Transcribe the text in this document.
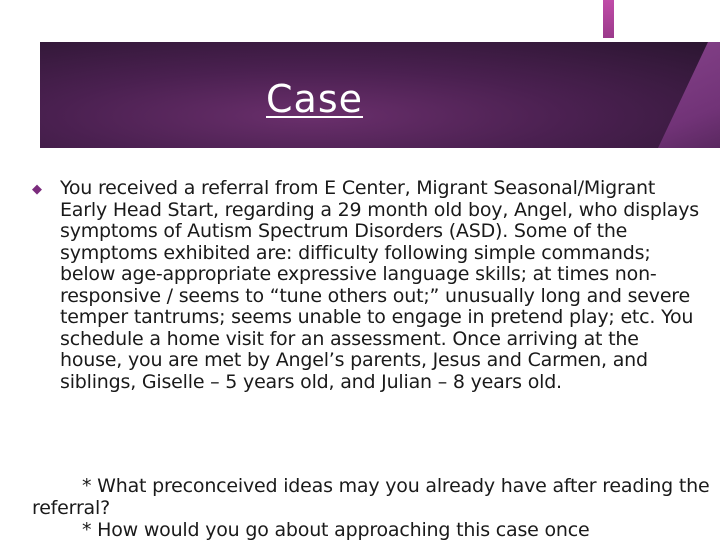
Case
◆ You received a referral from E Center, Migrant Seasonal/Migrant Early Head Start, regarding a 29 month old boy, Angel, who displays symptoms of Autism Spectrum Disorders (ASD). Some of the symptoms exhibited are: difficulty following simple commands; below age-appropriate expressive language skills; at times non-responsive / seems to “tune others out;” unusually long and severe temper tantrums; seems unable to engage in pretend play; etc. You schedule a home visit for an assessment. Once arriving at the house, you are met by Angel’s parents, Jesus and Carmen, and siblings, Giselle – 5 years old, and Julian – 8 years old.

* What preconceived ideas may you already have after reading the referral?

* How would you go about approaching this case once
